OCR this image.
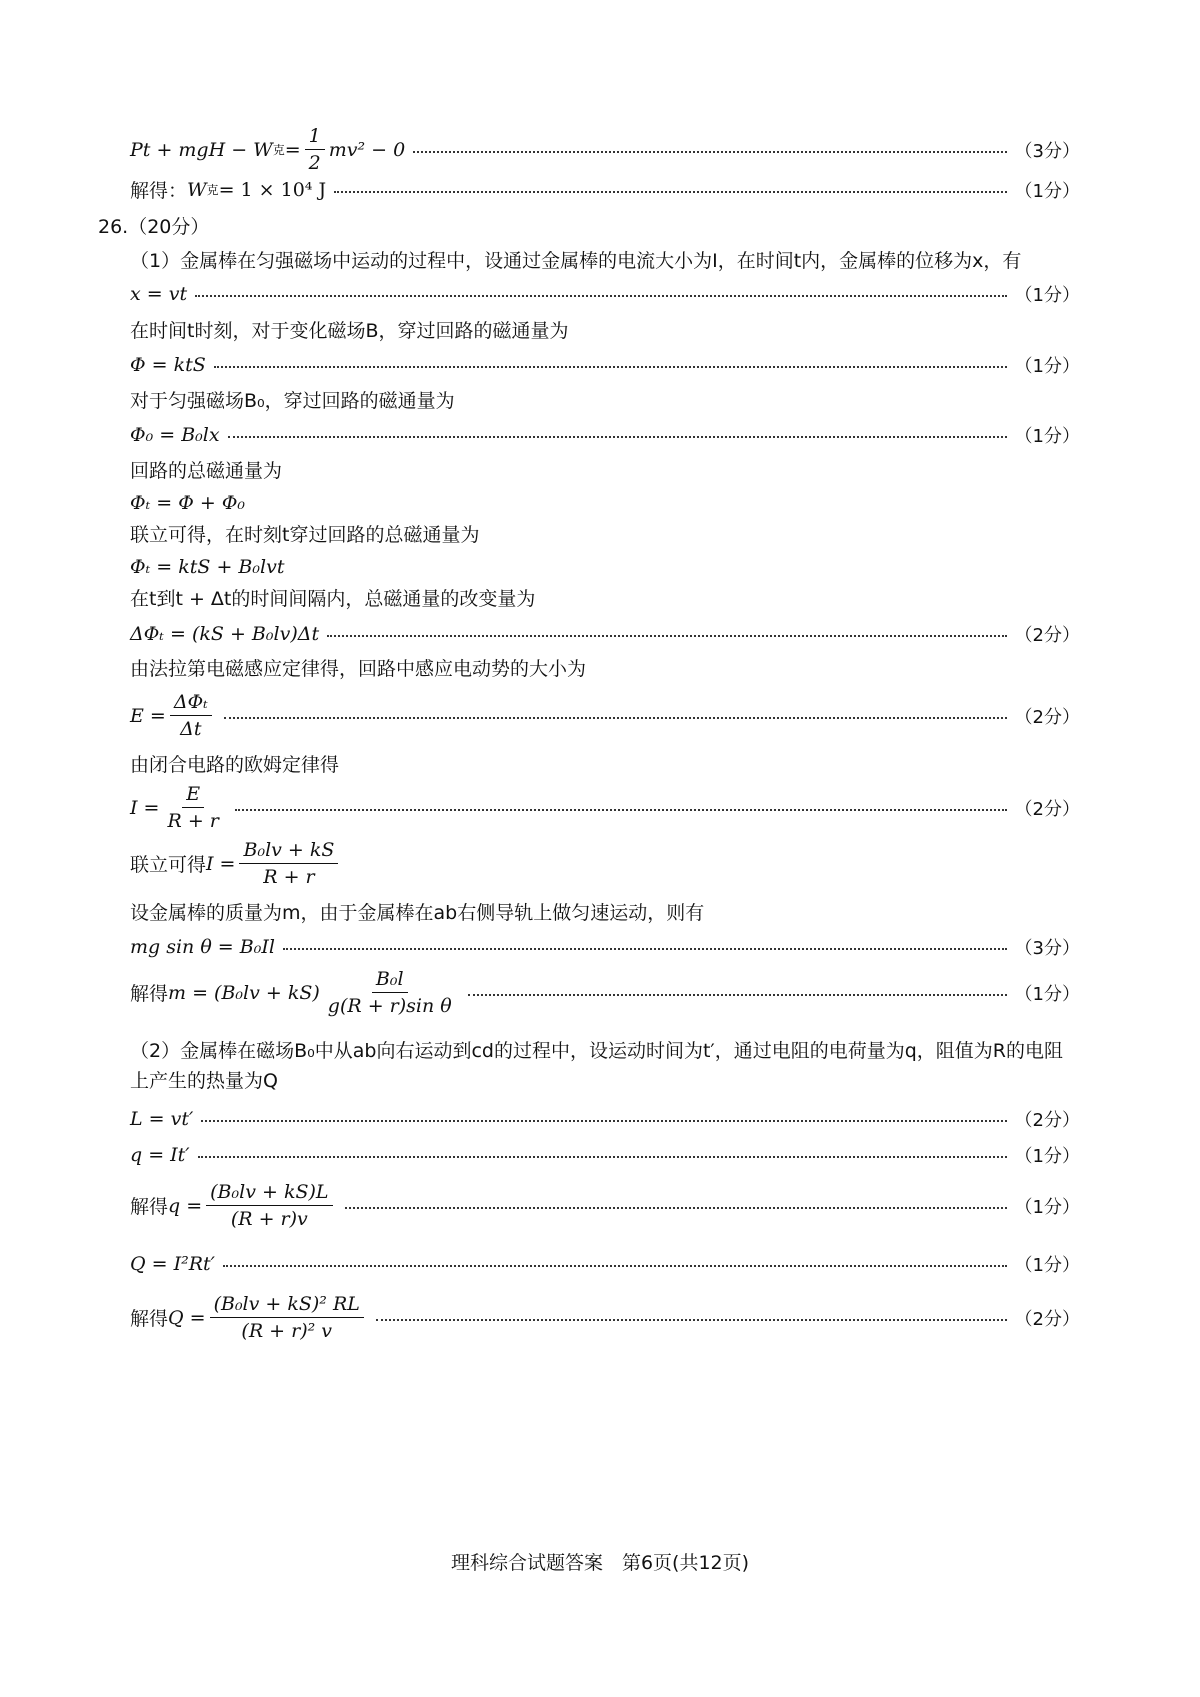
Pt + mgH − W 克 = $\frac{1}{2} mv^2 - 0$	（3分）
解得： W 克 = 1 × 10⁴ J	（1分）
26.（20分）
（1）金属棒在匀强磁场中运动的过程中，设通过金属棒的电流大小为I，在时间t内，金属棒的位移为x，有
x = vt	（1分）
在时间t时刻，对于变化磁场B，穿过回路的磁通量为
Φ = ktS	（1分）
对于匀强磁场B₀，穿过回路的磁通量为
Φ₀ = B₀lx	（1分）
回路的总磁通量为
Φₜ = Φ + Φ₀
联立可得，在时刻t穿过回路的总磁通量为
Φₜ = ktS + B₀lvt
在t到t + Δt的时间间隔内，总磁通量的改变量为
ΔΦₜ = (kS + B₀lv)Δt	（2分）
由法拉第电磁感应定律得，回路中感应电动势的大小为
$E = \frac{\text{ΔΦₜ}}{\Delta t}$	（2分）
由闭合电路的欧姆定律得
$I = \frac{E}{R + r}$	（2分）
联立可得 $I = \frac{\text{B₀lv + kS}}{R + r}$
设金属棒的质量为m，由于金属棒在ab右侧导轨上做匀速运动，则有
mg sin θ = B₀Il	（3分）
解得 $m = (B_0lv + kS) \frac{\text{B₀l}}{\text{g(R + r)sin θ}}$	（1分）
（2）金属棒在磁场B₀中从ab向右运动到cd的过程中，设运动时间为t′，通过电阻的电荷量为q，阻值为R的电阻上产生的热量为Q
L = vt′	（2分）
q = It′	（1分）
解得 $q = \frac{\text{(B₀lv + kS)L}}{(R + r)v}$	（1分）
Q = I²Rt′	（1分）
解得 $Q = \frac{\text{(B₀lv + kS)² RL}}{\text{(R + r)² v}}$	（2分）
理科综合试题答案　第6页(共12页)
